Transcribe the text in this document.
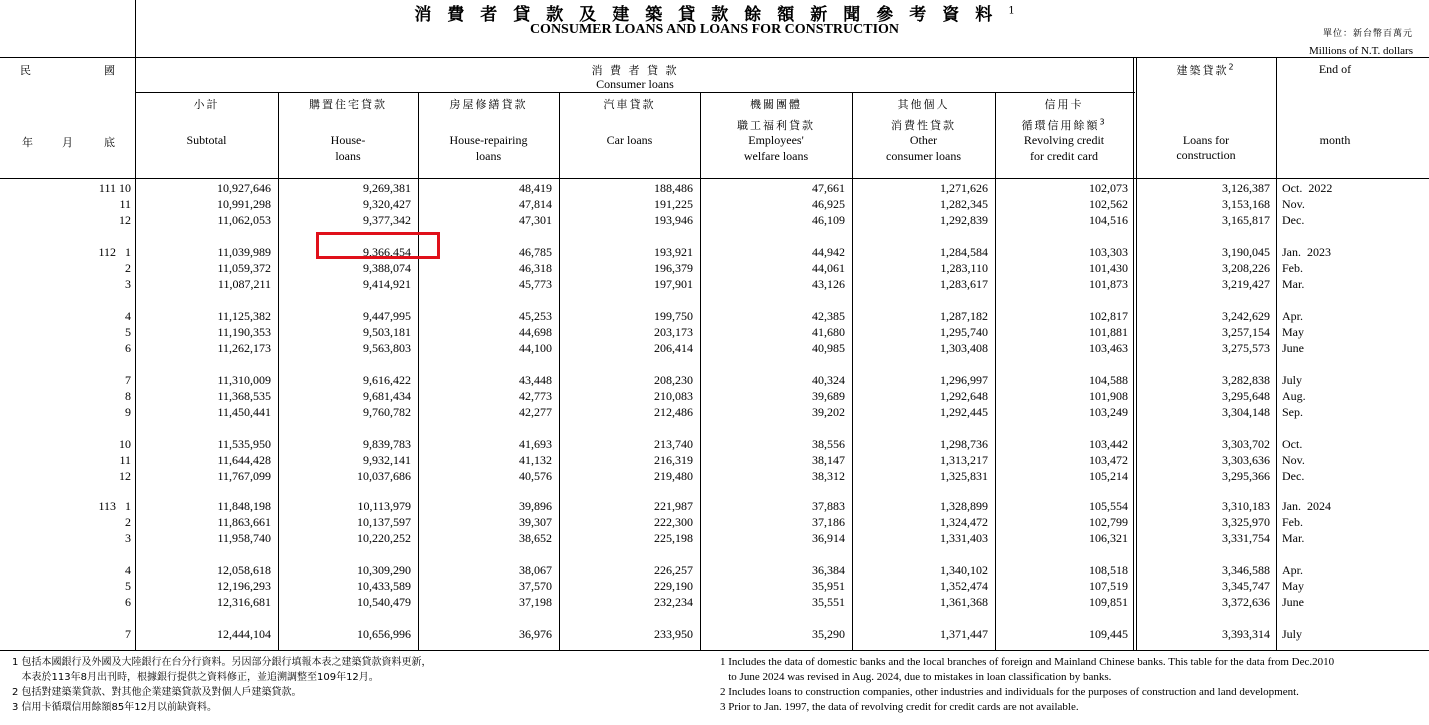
消費者貸款及建築貸款餘額新聞參考資料$^1$
CONSUMER LOANS AND LOANS FOR CONSTRUCTION	單位：新台幣百萬元
Millions of N.T. dollars
民	國
年 月	底
消 費 者 貸 款
Consumer loans
小計
Subtotal
購置住宅貸款
House-
loans
房屋修繕貸款
House-repairing
loans
汽車貸款
Car loans
機關團體
職工福利貸款
Employees'
welfare loans
其他個人
消費性貸款
Other
consumer loans
信用卡
循環信用餘額$^3$
Revolving credit
for credit card
建築貸款$^2$
Loans for
construction
End of
month
111 10	10,927,646	9,269,381	48,419	188,486	47,661	1,271,626	102,073	3,126,387 Oct.  2022
11	10,991,298	9,320,427	47,814	191,225	46,925	1,282,345	102,562	3,153,168 Nov.
12	11,062,053	9,377,342	47,301	193,946	46,109	1,292,839	104,516	3,165,817 Dec.
112 1	11,039,989	9,366,454	46,785	193,921	44,942	1,284,584	103,303	3,190,045 Jan.  2023
2	11,059,372	9,388,074	46,318	196,379	44,061	1,283,110	101,430	3,208,226 Feb.
3	11,087,211	9,414,921	45,773	197,901	43,126	1,283,617	101,873	3,219,427 Mar.
4	11,125,382	9,447,995	45,253	199,750	42,385	1,287,182	102,817	3,242,629 Apr.
5	11,190,353	9,503,181	44,698	203,173	41,680	1,295,740	101,881	3,257,154 May
6	11,262,173	9,563,803	44,100	206,414	40,985	1,303,408	103,463	3,275,573 June
7	11,310,009	9,616,422	43,448	208,230	40,324	1,296,997	104,588	3,282,838 July
8	11,368,535	9,681,434	42,773	210,083	39,689	1,292,648	101,908	3,295,648 Aug.
9	11,450,441	9,760,782	42,277	212,486	39,202	1,292,445	103,249	3,304,148 Sep.
10	11,535,950	9,839,783	41,693	213,740	38,556	1,298,736	103,442	3,303,702 Oct.
11	11,644,428	9,932,141	41,132	216,319	38,147	1,313,217	103,472	3,303,636 Nov.
12	11,767,099	10,037,686	40,576	219,480	38,312	1,325,831	105,214	3,295,366 Dec.
113 1	11,848,198	10,113,979	39,896	221,987	37,883	1,328,899	105,554	3,310,183 Jan.  2024
2	11,863,661	10,137,597	39,307	222,300	37,186	1,324,472	102,799	3,325,970 Feb.
3	11,958,740	10,220,252	38,652	225,198	36,914	1,331,403	106,321	3,331,754 Mar.
4	12,058,618	10,309,290	38,067	226,257	36,384	1,340,102	108,518	3,346,588 Apr.
5	12,196,293	10,433,589	37,570	229,190	35,951	1,352,474	107,519	3,345,747 May
6	12,316,681	10,540,479	37,198	232,234	35,551	1,361,368	109,851	3,372,636 June
7	12,444,104	10,656,996	36,976	233,950	35,290	1,371,447	109,445	3,393,314 July
1 包括本國銀行及外國及大陸銀行在台分行資料。另因部分銀行填報本表之建築貸款資料更新，
本表於113年8月出刊時，根據銀行提供之資料修正，並追溯調整至109年12月。
2 包括對建築業貸款、對其他企業建築貸款及對個人戶建築貸款。
3 信用卡循環信用餘額85年12月以前缺資料。
1 Includes the data of domestic banks and the local branches of foreign and Mainland Chinese banks. This table for the data from Dec.2010
to June 2024 was revised in Aug. 2024, due to mistakes in loan classification by banks.
2 Includes loans to construction companies, other industries and individuals for the purposes of construction and land development.
3 Prior to Jan. 1997, the data of revolving credit for credit cards are not available.
